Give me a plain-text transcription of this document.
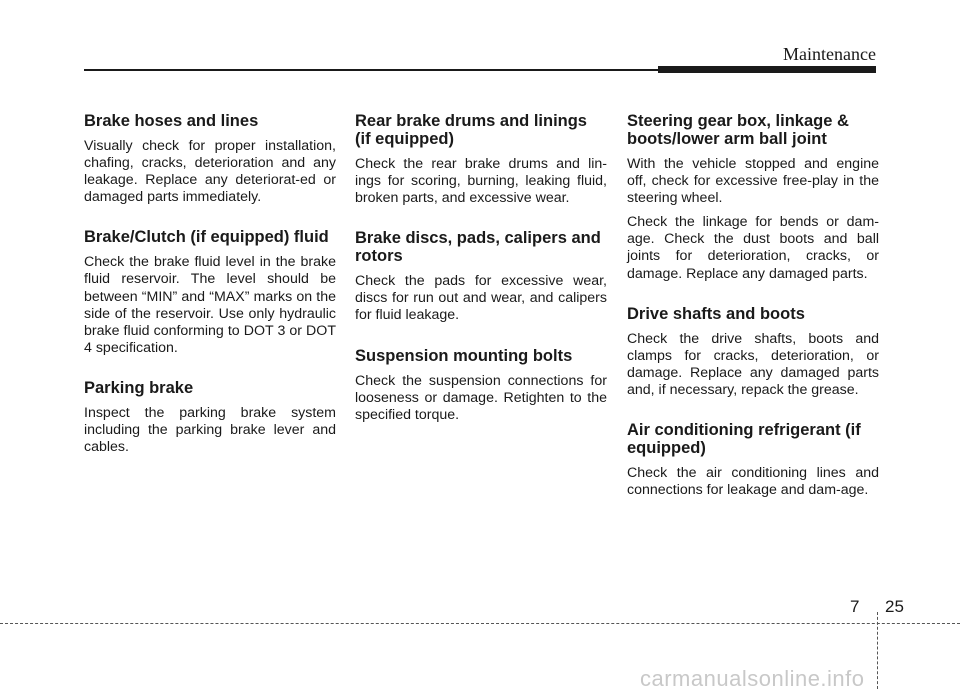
Maintenance
Brake hoses and lines

Visually check for proper installation, chafing, cracks, deterioration and any leakage. Replace any deteriorat-ed or damaged parts immediately.

Brake/Clutch (if equipped) fluid

Check the brake fluid level in the brake fluid reservoir. The level should be between “MIN” and “MAX” marks on the side of the reservoir. Use only hydraulic brake fluid conforming to DOT 3 or DOT 4 specification.

Parking brake

Inspect the parking brake system including the parking brake lever and cables.

Rear brake drums and linings (if equipped)

Check the rear brake drums and lin-ings for scoring, burning, leaking fluid, broken parts, and excessive wear.

Brake discs, pads, calipers and rotors

Check the pads for excessive wear, discs for run out and wear, and calipers for fluid leakage.

Suspension mounting bolts

Check the suspension connections for looseness or damage. Retighten to the specified torque.

Steering gear box, linkage & boots/lower arm ball joint

With the vehicle stopped and engine off, check for excessive free-play in the steering wheel.

Check the linkage for bends or dam-age. Check the dust boots and ball joints for deterioration, cracks, or damage. Replace any damaged parts.

Drive shafts and boots

Check the drive shafts, boots and clamps for cracks, deterioration, or damage. Replace any damaged parts and, if necessary, repack the grease.

Air conditioning refrigerant (if equipped)

Check the air conditioning lines and connections for leakage and dam-age.

7 25
carmanualsonline.info
